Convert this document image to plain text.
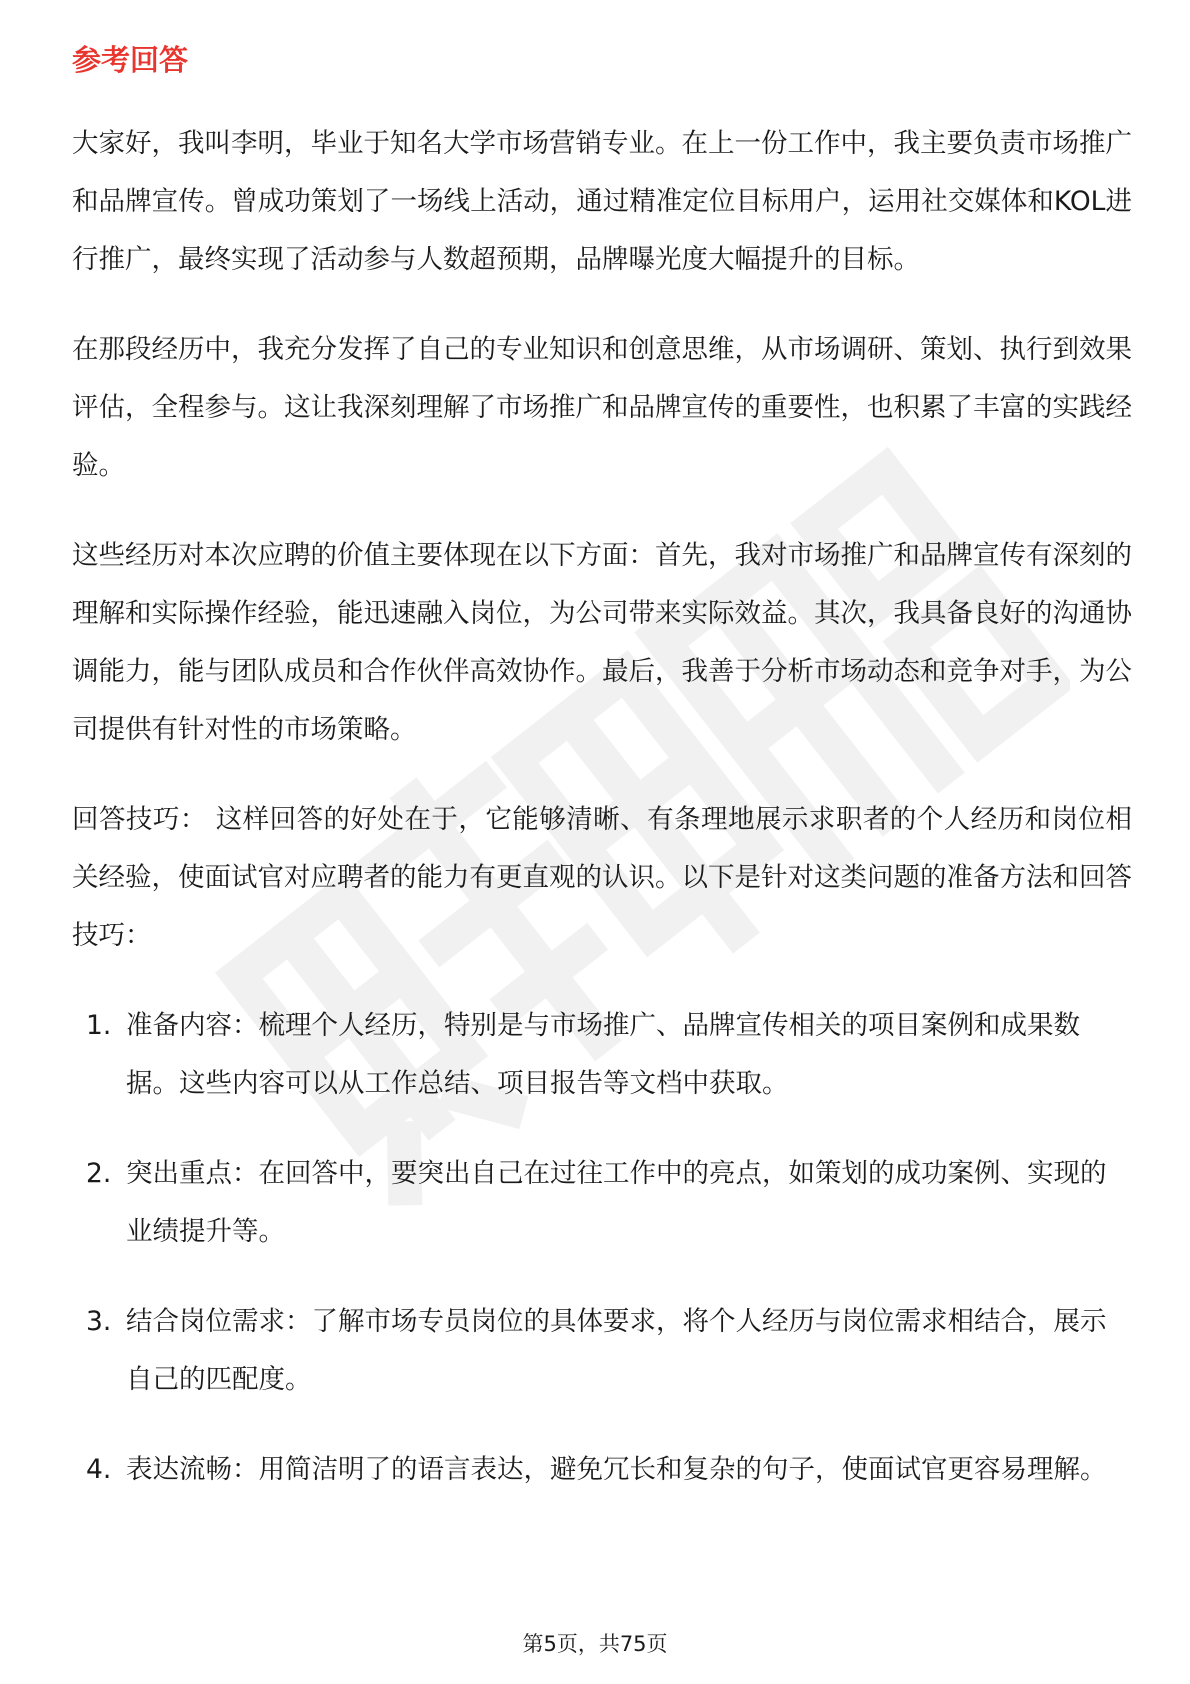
参考回答

大家好，我叫李明，毕业于知名大学市场营销专业。在上一份工作中，我主要负责市场推广和品牌宣传。曾成功策划了一场线上活动，通过精准定位目标用户，运用社交媒体和KOL进行推广，最终实现了活动参与人数超预期，品牌曝光度大幅提升的目标。

在那段经历中，我充分发挥了自己的专业知识和创意思维，从市场调研、策划、执行到效果评估，全程参与。这让我深刻理解了市场推广和品牌宣传的重要性，也积累了丰富的实践经验。

这些经历对本次应聘的价值主要体现在以下方面：首先，我对市场推广和品牌宣传有深刻的理解和实际操作经验，能迅速融入岗位，为公司带来实际效益。其次，我具备良好的沟通协调能力，能与团队成员和合作伙伴高效协作。最后，我善于分析市场动态和竞争对手，为公司提供有针对性的市场策略。

回答技巧： 这样回答的好处在于，它能够清晰、有条理地展示求职者的个人经历和岗位相关经验，使面试官对应聘者的能力有更直观的认识。以下是针对这类问题的准备方法和回答技巧：

1. 准备内容：梳理个人经历，特别是与市场推广、品牌宣传相关的项目案例和成果数据。这些内容可以从工作总结、项目报告等文档中获取。
2. 突出重点：在回答中，要突出自己在过往工作中的亮点，如策划的成功案例、实现的业绩提升等。
3. 结合岗位需求：了解市场专员岗位的具体要求，将个人经历与岗位需求相结合，展示自己的匹配度。
4. 表达流畅：用简洁明了的语言表达，避免冗长和复杂的句子，使面试官更容易理解。
第5页，共75页
